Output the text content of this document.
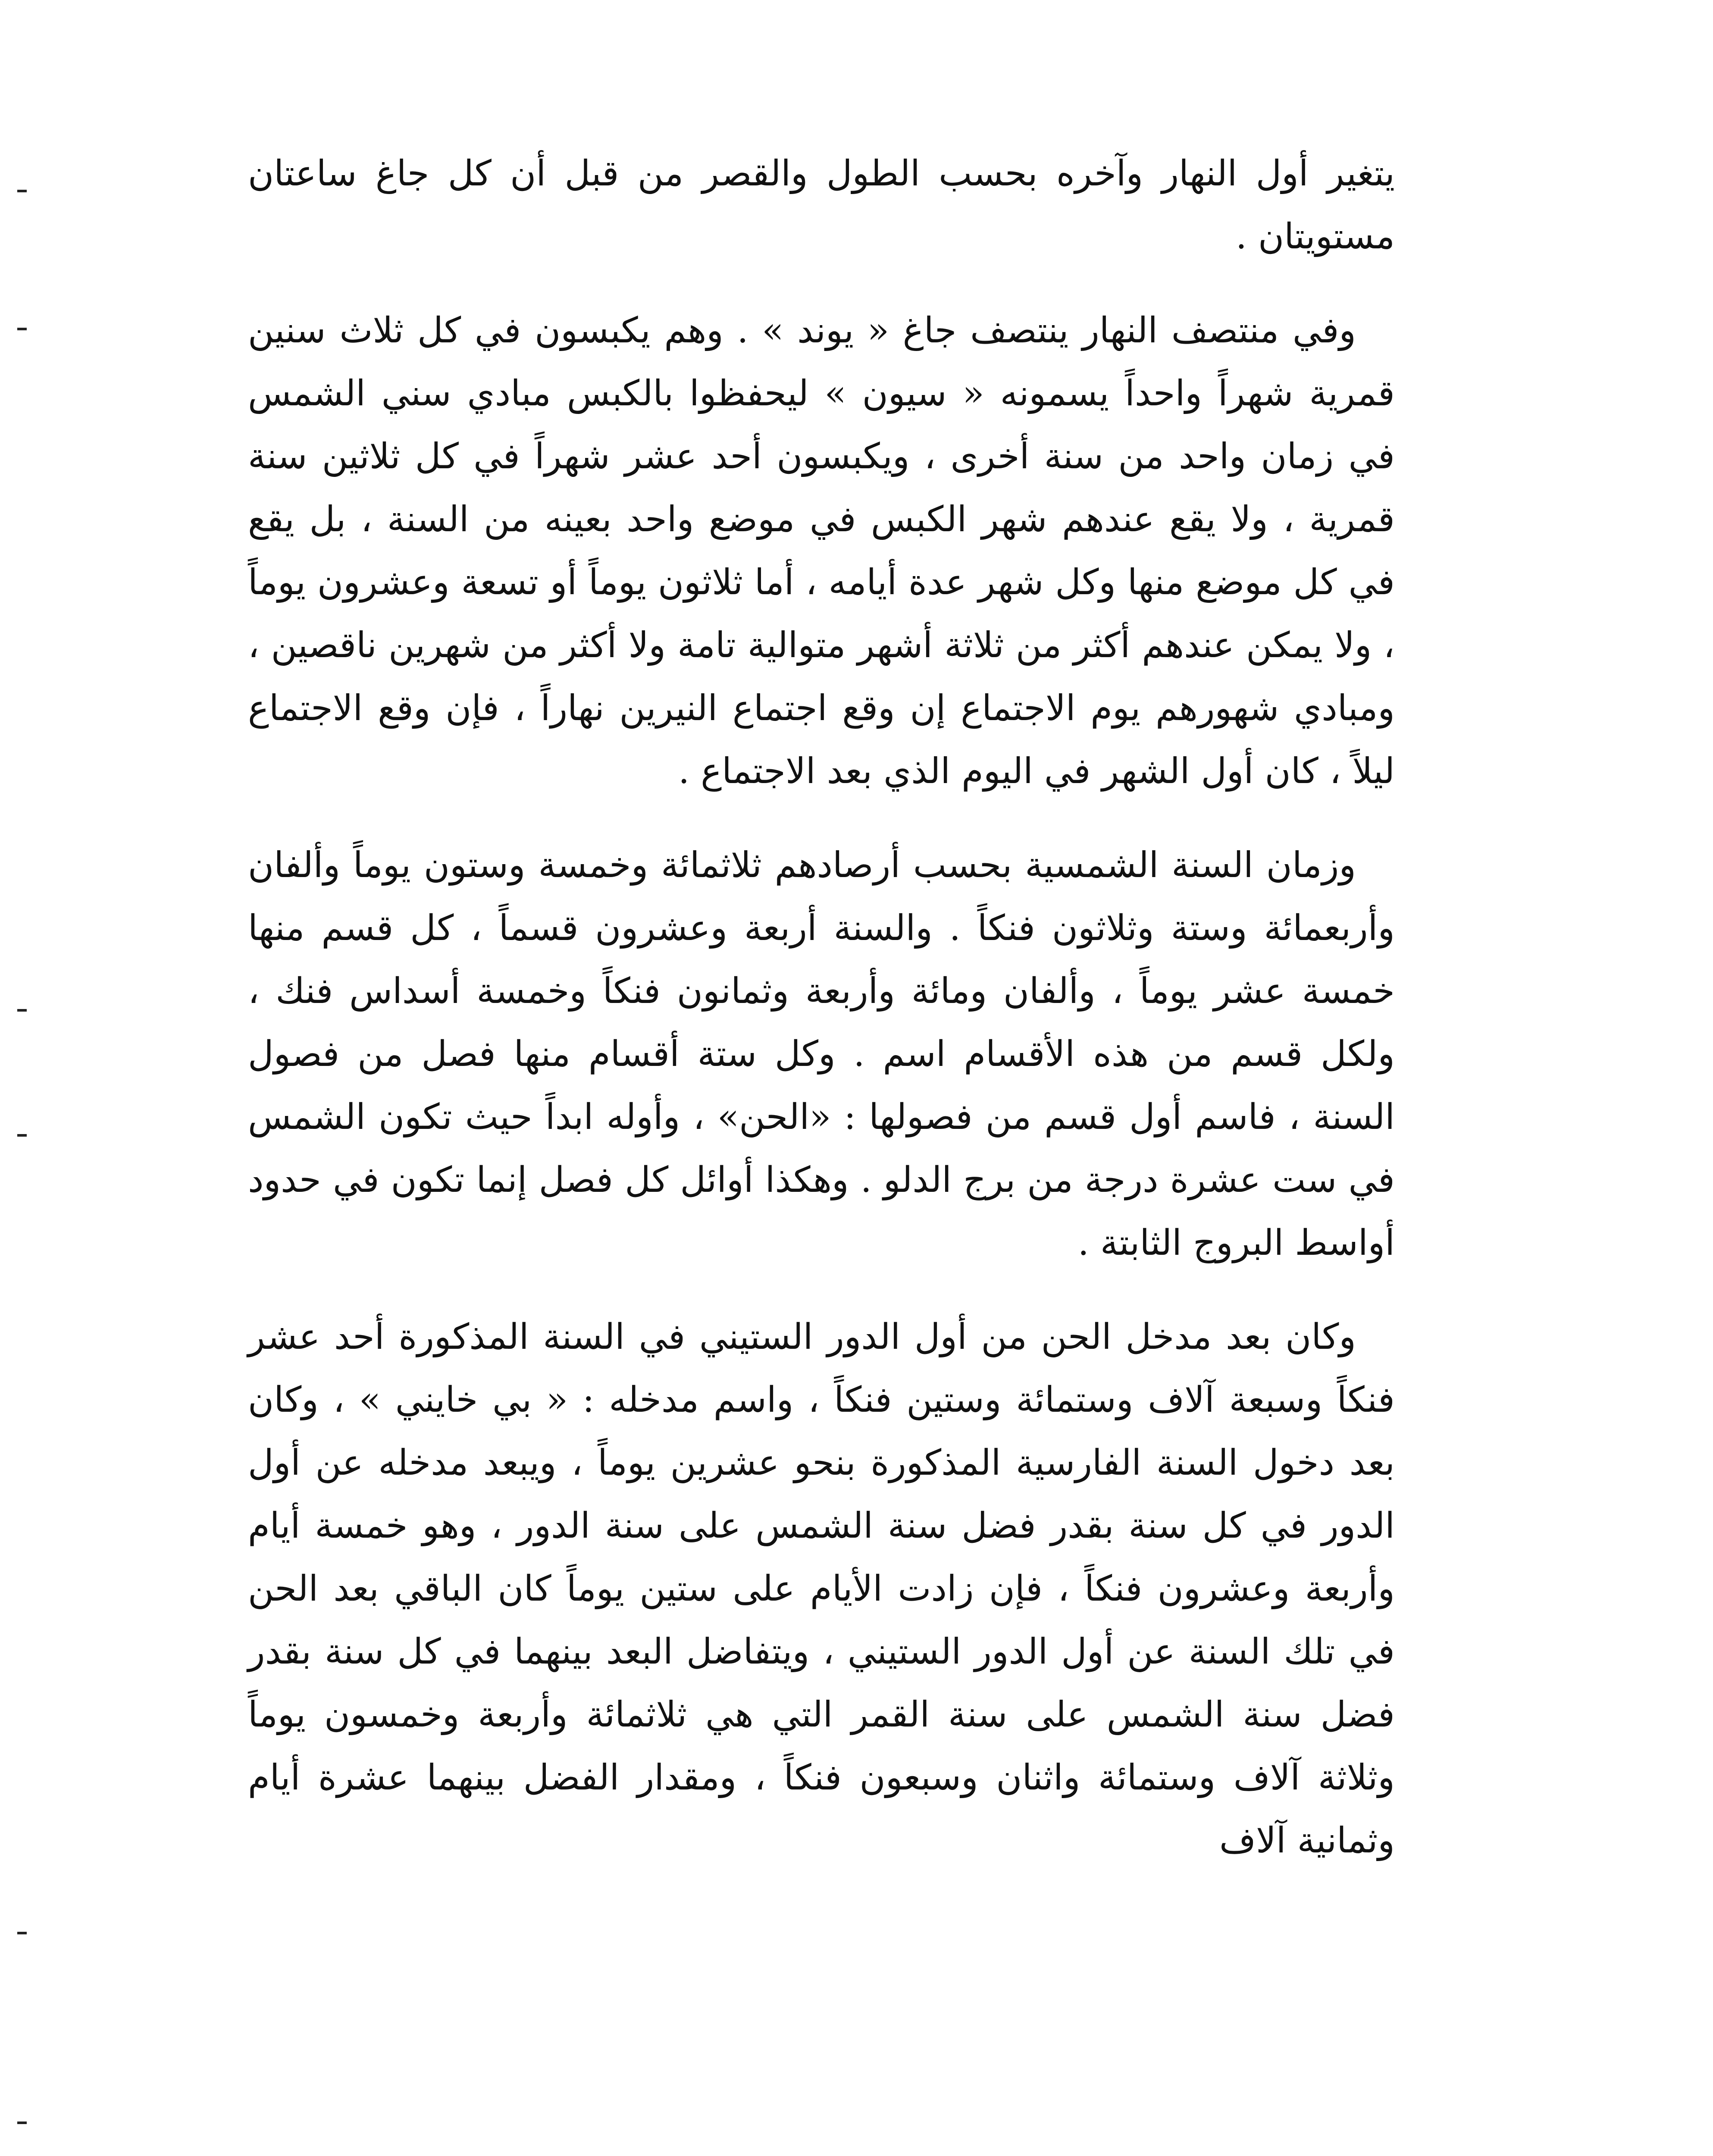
يتغير أول النهار وآخره بحسب الطول والقصر من قبل أن كل جاغ ساعتان مستويتان .

وفي منتصف النهار ينتصف جاغ « يوند » . وهم يكبسون في كل ثلاث سنين قمرية شهراً واحداً يسمونه « سيون » ليحفظوا بالكبس مبادي سني الشمس في زمان واحد من سنة أخرى ، ويكبسون أحد عشر شهراً في كل ثلاثين سنة قمرية ، ولا يقع عندهم شهر الكبس في موضع واحد بعينه من السنة ، بل يقع في كل موضع منها وكل شهر عدة أيامه ، أما ثلاثون يوماً أو تسعة وعشرون يوماً ، ولا يمكن عندهم أكثر من ثلاثة أشهر متوالية تامة ولا أكثر من شهرين ناقصين ، ومبادي شهورهم يوم الاجتماع إن وقع اجتماع النيرين نهاراً ، فإن وقع الاجتماع ليلاً ، كان أول الشهر في اليوم الذي بعد الاجتماع .

وزمان السنة الشمسية بحسب أرصادهم ثلاثمائة وخمسة وستون يوماً وألفان وأربعمائة وستة وثلاثون فنكاً . والسنة أربعة وعشرون قسماً ، كل قسم منها خمسة عشر يوماً ، وألفان ومائة وأربعة وثمانون فنكاً وخمسة أسداس فنك ، ولكل قسم من هذه الأقسام اسم . وكل ستة أقسام منها فصل من فصول السنة ، فاسم أول قسم من فصولها : «الحن» ، وأوله ابداً حيث تكون الشمس في ست عشرة درجة من برج الدلو . وهكذا أوائل كل فصل إنما تكون في حدود أواسط البروج الثابتة .

وكان بعد مدخل الحن من أول الدور الستيني في السنة المذكورة أحد عشر فنكاً وسبعة آلاف وستمائة وستين فنكاً ، واسم مدخله : « بي خايني » ، وكان بعد دخول السنة الفارسية المذكورة بنحو عشرين يوماً ، ويبعد مدخله عن أول الدور في كل سنة بقدر فضل سنة الشمس على سنة الدور ، وهو خمسة أيام وأربعة وعشرون فنكاً ، فإن زادت الأيام على ستين يوماً كان الباقي بعد الحن في تلك السنة عن أول الدور الستيني ، ويتفاضل البعد بينهما في كل سنة بقدر فضل سنة الشمس على سنة القمر التي هي ثلاثمائة وأربعة وخمسون يوماً وثلاثة آلاف وستمائة واثنان وسبعون فنكاً ، ومقدار الفضل بينهما عشرة أيام وثمانية آلاف
